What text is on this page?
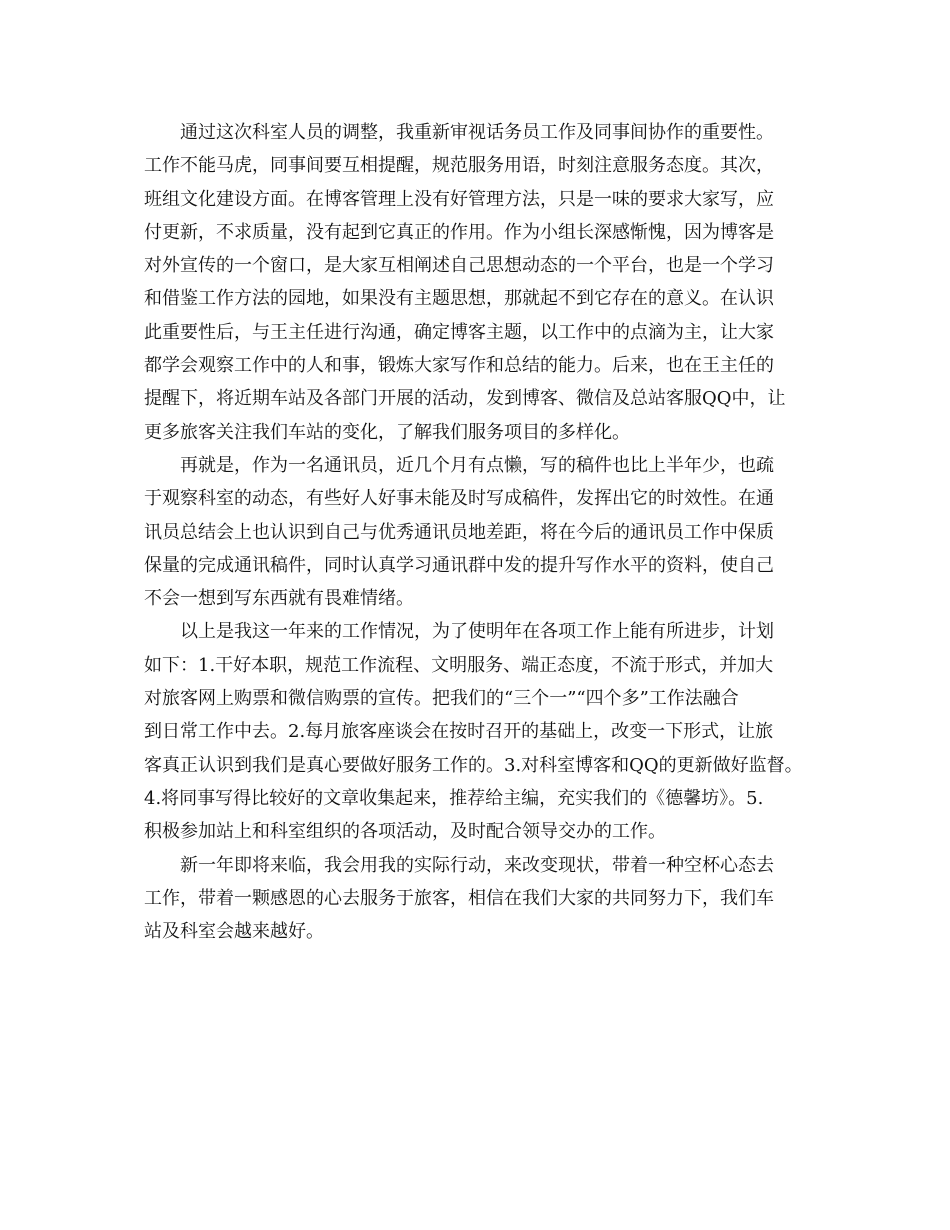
通过这次科室人员的调整，我重新审视话务员工作及同事间协作的重要性。
工作不能马虎，同事间要互相提醒，规范服务用语，时刻注意服务态度。其次，
班组文化建设方面。在博客管理上没有好管理方法，只是一味的要求大家写，应
付更新，不求质量，没有起到它真正的作用。作为小组长深感惭愧，因为博客是
对外宣传的一个窗口，是大家互相阐述自己思想动态的一个平台，也是一个学习
和借鉴工作方法的园地，如果没有主题思想，那就起不到它存在的意义。在认识
此重要性后，与王主任进行沟通，确定博客主题，以工作中的点滴为主，让大家
都学会观察工作中的人和事，锻炼大家写作和总结的能力。后来，也在王主任的
提醒下，将近期车站及各部门开展的活动，发到博客、微信及总站客服QQ中，让
更多旅客关注我们车站的变化，了解我们服务项目的多样化。
再就是，作为一名通讯员，近几个月有点懒，写的稿件也比上半年少，也疏
于观察科室的动态，有些好人好事未能及时写成稿件，发挥出它的时效性。在通
讯员总结会上也认识到自己与优秀通讯员地差距，将在今后的通讯员工作中保质
保量的完成通讯稿件，同时认真学习通讯群中发的提升写作水平的资料，使自己
不会一想到写东西就有畏难情绪。
以上是我这一年来的工作情况，为了使明年在各项工作上能有所进步，计划
如下：1.干好本职，规范工作流程、文明服务、端正态度，不流于形式，并加大
对旅客网上购票和微信购票的宣传。把我们的“三个一”“四个多”工作法融合
到日常工作中去。2.每月旅客座谈会在按时召开的基础上，改变一下形式，让旅
客真正认识到我们是真心要做好服务工作的。3.对科室博客和QQ的更新做好监督。
4.将同事写得比较好的文章收集起来，推荐给主编，充实我们的《德馨坊》。5.
积极参加站上和科室组织的各项活动，及时配合领导交办的工作。
新一年即将来临，我会用我的实际行动，来改变现状，带着一种空杯心态去
工作，带着一颗感恩的心去服务于旅客，相信在我们大家的共同努力下，我们车
站及科室会越来越好。
